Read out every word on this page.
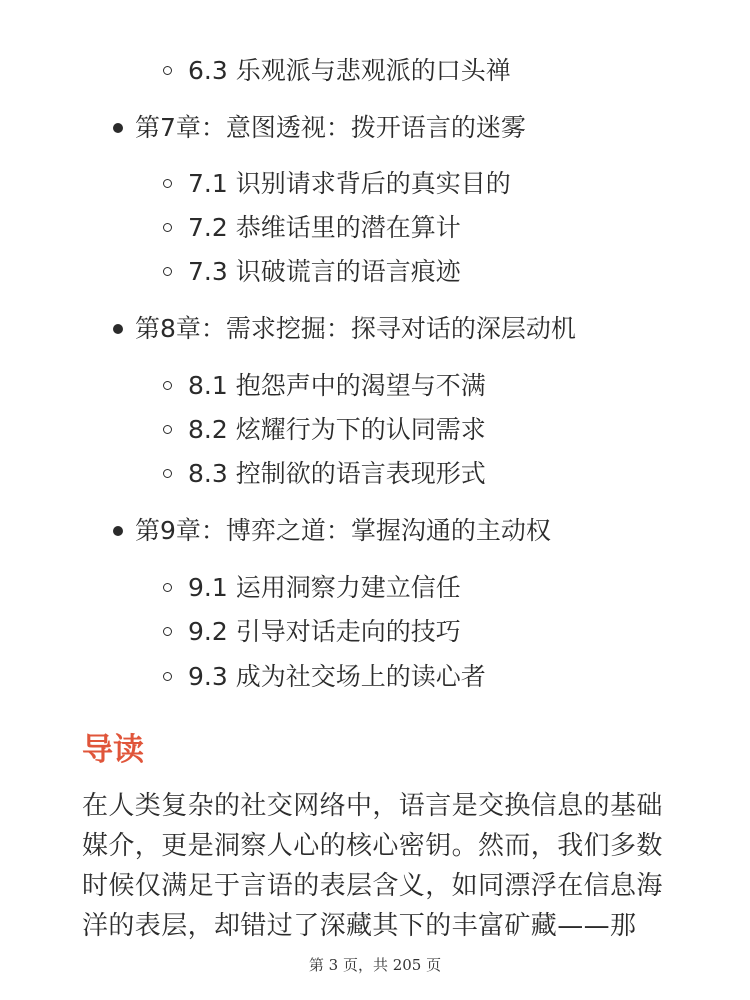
6.3 乐观派与悲观派的口头禅
第7章：意图透视：拨开语言的迷雾
7.1 识别请求背后的真实目的
7.2 恭维话里的潜在算计
7.3 识破谎言的语言痕迹
第8章：需求挖掘：探寻对话的深层动机
8.1 抱怨声中的渴望与不满
8.2 炫耀行为下的认同需求
8.3 控制欲的语言表现形式
第9章：博弈之道：掌握沟通的主动权
9.1 运用洞察力建立信任
9.2 引导对话走向的技巧
9.3 成为社交场上的读心者
导读
在人类复杂的社交网络中，语言是交换信息的基础
媒介，更是洞察人心的核心密钥。然而，我们多数
时候仅满足于言语的表层含义，如同漂浮在信息海
洋的表层，却错过了深藏其下的丰富矿藏——那
第 3 页，共 205 页
